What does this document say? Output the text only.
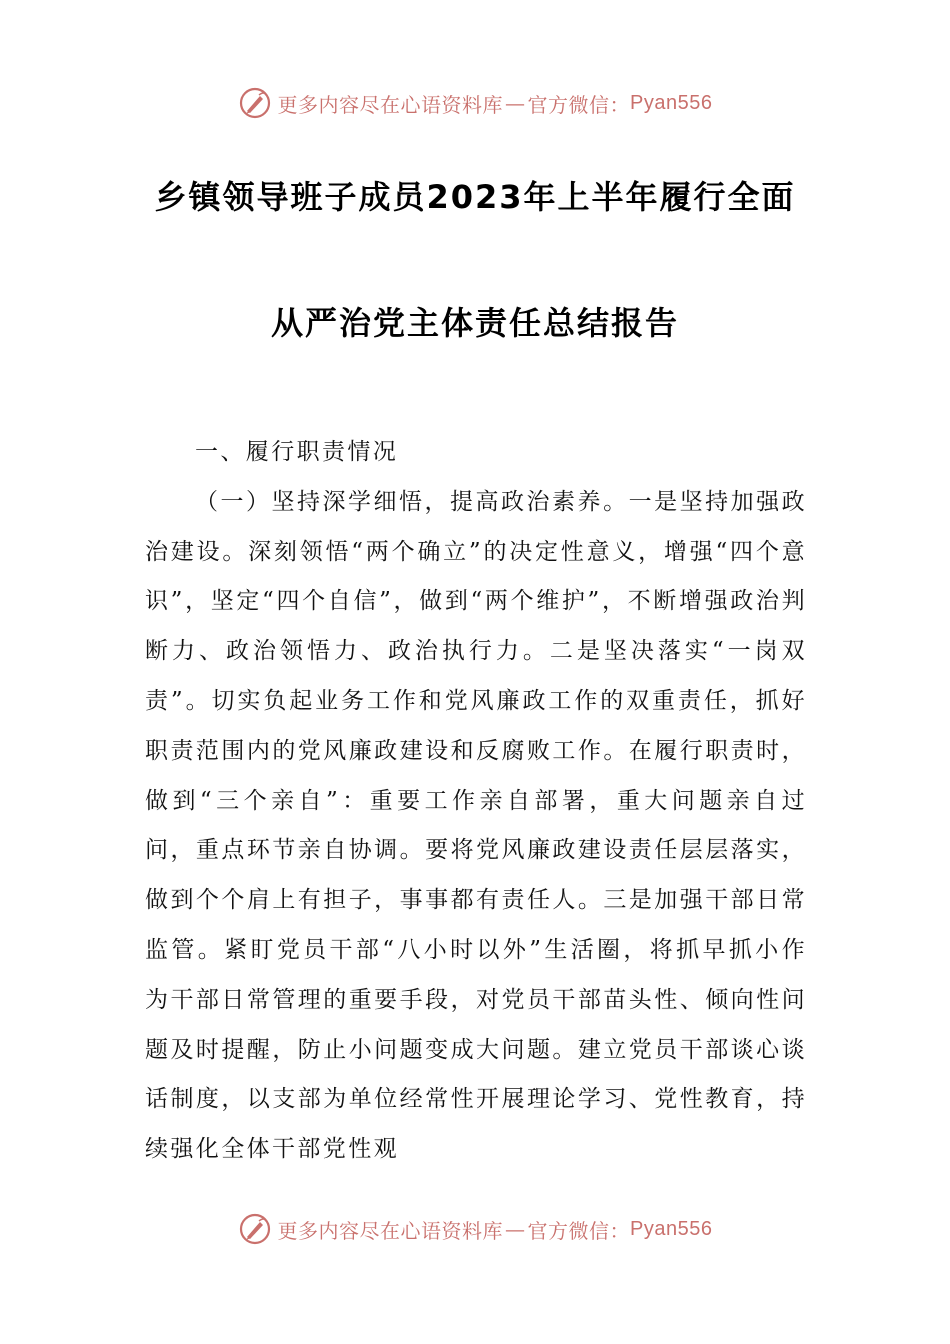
更多内容尽在心语资料库 — 官方微信： Pyan556
乡镇领导班子成员2023年上半年履行全面
从严治党主体责任总结报告
一、履行职责情况
（一）坚持深学细悟，提高政治素养。一是坚持加强政治建设。深刻领悟“两个确立”的决定性意义，增强“四个意识”，坚定“四个自信”，做到“两个维护”，不断增强政治判断力、政治领悟力、政治执行力。二是坚决落实“一岗双责”。切实负起业务工作和党风廉政工作的双重责任，抓好职责范围内的党风廉政建设和反腐败工作。在履行职责时，做到“三个亲自”：重要工作亲自部署，重大问题亲自过问，重点环节亲自协调。要将党风廉政建设责任层层落实，做到个个肩上有担子，事事都有责任人。三是加强干部日常监管。紧盯党员干部“八小时以外”生活圈，将抓早抓小作为干部日常管理的重要手段，对党员干部苗头性、倾向性问题及时提醒，防止小问题变成大问题。建立党员干部谈心谈话制度，以支部为单位经常性开展理论学习、党性教育，持续强化全体干部党性观
更多内容尽在心语资料库 — 官方微信： Pyan556
